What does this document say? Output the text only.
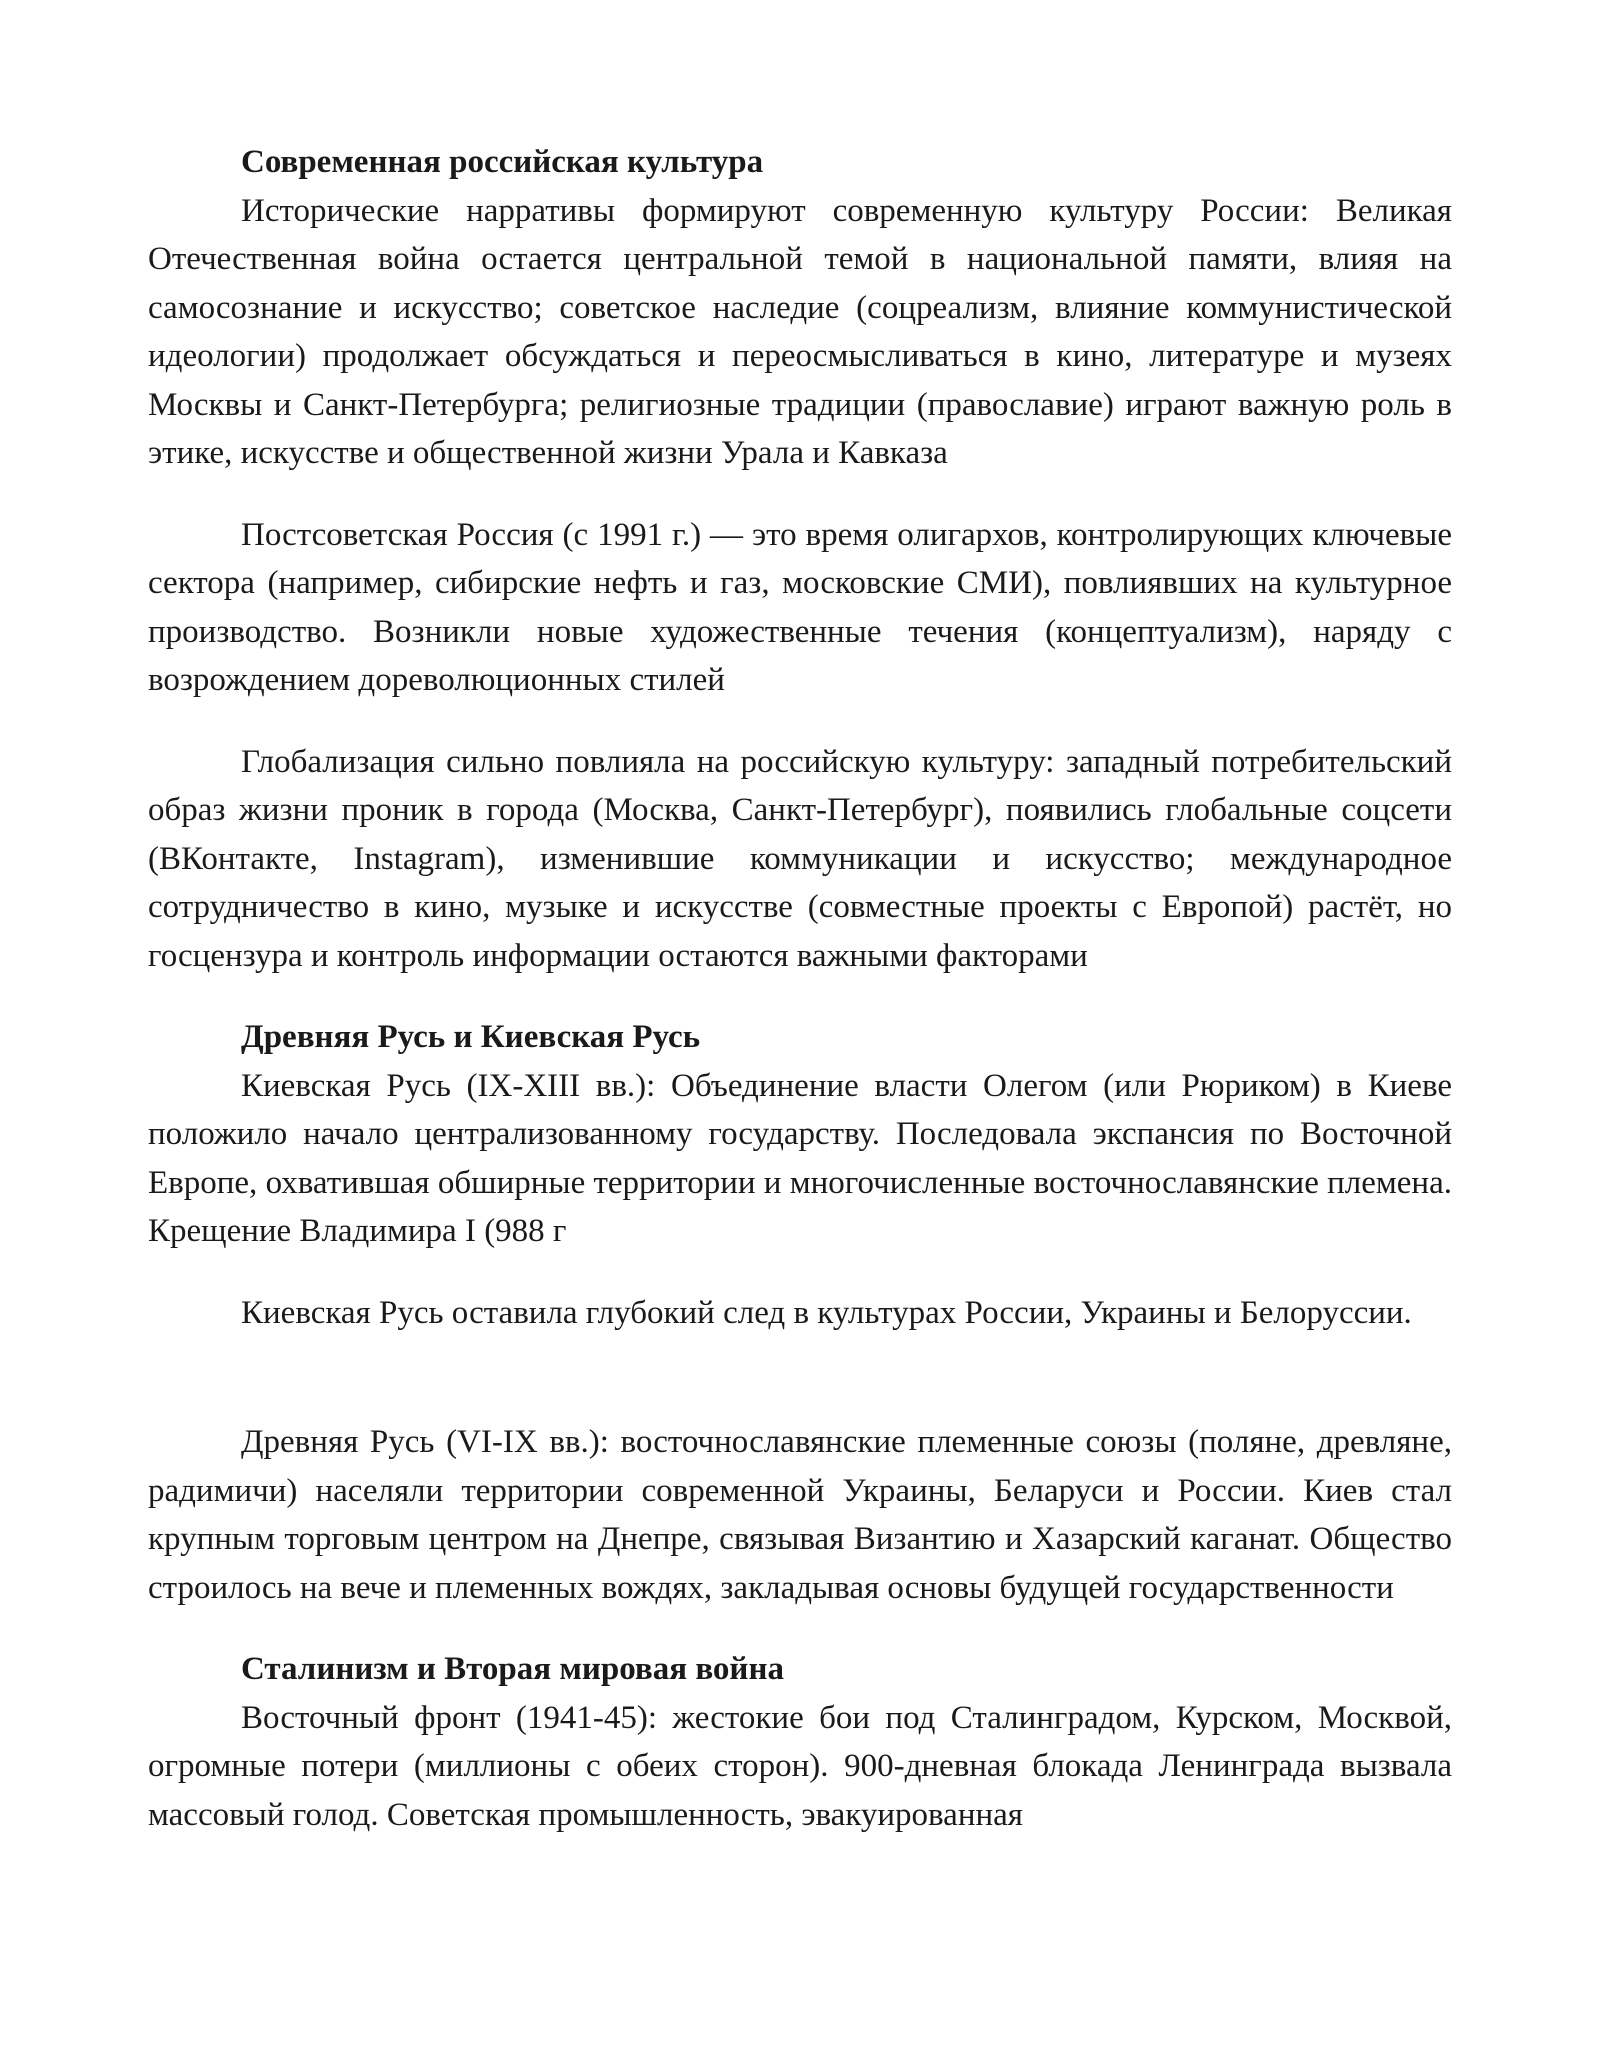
Современная российская культура

Исторические нарративы формируют современную культуру России: Великая Отечественная война остается центральной темой в национальной памяти, влияя на самосознание и искусство; советское наследие (соцреализм, влияние коммунистической идеологии) продолжает обсуждаться и переосмысливаться в кино, литературе и музеях Москвы и Санкт-Петербурга; религиозные традиции (православие) играют важную роль в этике, искусстве и общественной жизни Урала и Кавказа

Постсоветская Россия (с 1991 г.) — это время олигархов, контролирующих ключевые сектора (например, сибирские нефть и газ, московские СМИ), повлиявших на культурное производство. Возникли новые художественные течения (концептуализм), наряду с возрождением дореволюционных стилей

Глобализация сильно повлияла на российскую культуру: западный потребительский образ жизни проник в города (Москва, Санкт-Петербург), появились глобальные соцсети (ВКонтакте, Instagram), изменившие коммуникации и искусство; международное сотрудничество в кино, музыке и искусстве (совместные проекты с Европой) растёт, но госцензура и контроль информации остаются важными факторами

Древняя Русь и Киевская Русь

Киевская Русь (IX-XIII вв.): Объединение власти Олегом (или Рюриком) в Киеве положило начало централизованному государству. Последовала экспансия по Восточной Европе, охватившая обширные территории и многочисленные восточнославянские племена. Крещение Владимира I (988 г

Киевская Русь оставила глубокий след в культурах России, Украины и Белоруссии.

Древняя Русь (VI-IX вв.): восточнославянские племенные союзы (поляне, древляне, радимичи) населяли территории современной Украины, Беларуси и России. Киев стал крупным торговым центром на Днепре, связывая Византию и Хазарский каганат. Общество строилось на вече и племенных вождях, закладывая основы будущей государственности

Сталинизм и Вторая мировая война

Восточный фронт (1941-45): жестокие бои под Сталинградом, Курском, Москвой, огромные потери (миллионы с обеих сторон). 900-дневная блокада Ленинграда вызвала массовый голод. Советская промышленность, эвакуированная
